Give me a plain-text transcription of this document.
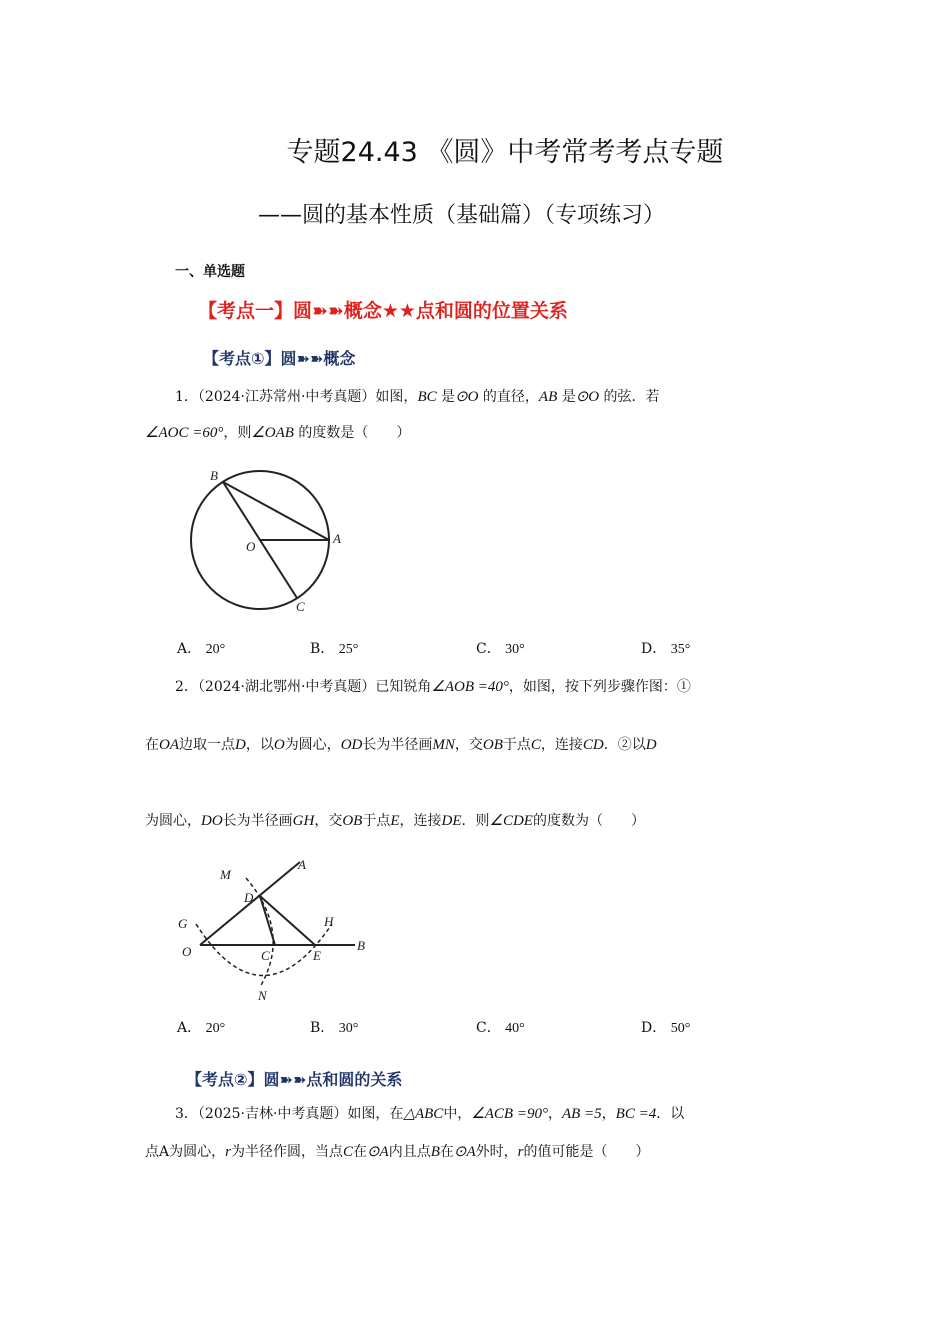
专题24.43 《圆》中考常考考点专题
——圆的基本性质（基础篇）（专项练习）
一、单选题
【考点一】圆➽➽概念★★点和圆的位置关系
【考点①】圆➽➽概念
1．（2024·江苏常州·中考真题）如图，BC 是⊙O 的直径，AB 是⊙O 的弦．若
∠AOC =60°，则∠OAB 的度数是（　　）
B
A
O
C
A． 20°	B． 25°	C． 30°	D． 35°
2．（2024·湖北鄂州·中考真题）已知锐角∠AOB =40°，如图，按下列步骤作图：①
在OA边取一点D，以O为圆心，OD长为半径画MN，交OB于点C，连接CD．②以D
为圆心，DO长为半径画GH，交OB于点E，连接DE．则∠CDE的度数为（　　）
M
A
D
G	H
O	C	E
B
N
A． 20°	B． 30°	C． 40°	D． 50°
【考点②】圆➽➽点和圆的关系
3．（2025·吉林·中考真题）如图，在△ABC中，∠ACB =90°，AB =5，BC =4．以
点A为圆心，r为半径作圆，当点C在⊙A内且点B在⊙A外时，r的值可能是（　　）
